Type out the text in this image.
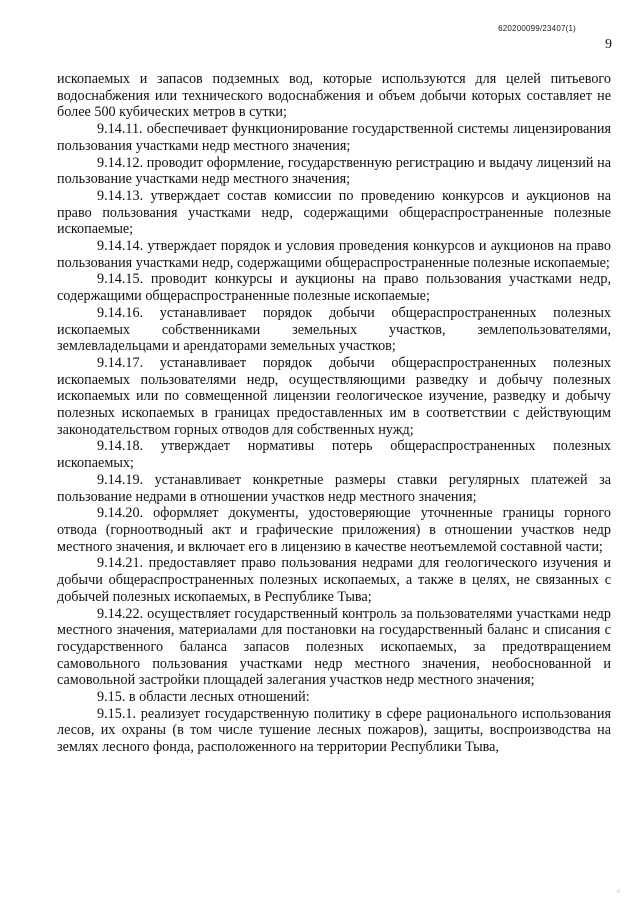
620200099/23407(1)
9

ископаемых и запасов подземных вод, которые используются для целей питьевого водоснабжения или технического водоснабжения и объем добычи которых составляет не более 500 кубических метров в сутки;

9.14.11. обеспечивает функционирование государственной системы лицензирования пользования участками недр местного значения;

9.14.12. проводит оформление, государственную регистрацию и выдачу лицензий на пользование участками недр местного значения;

9.14.13. утверждает состав комиссии по проведению конкурсов и аукционов на право пользования участками недр, содержащими общераспространенные полезные ископаемые;

9.14.14. утверждает порядок и условия проведения конкурсов и аукционов на право пользования участками недр, содержащими общераспространенные полезные ископаемые;

9.14.15. проводит конкурсы и аукционы на право пользования участками недр, содержащими общераспространенные полезные ископаемые;

9.14.16. устанавливает порядок добычи общераспространенных полезных ископаемых собственниками земельных участков, землепользователями, землевладельцами и арендаторами земельных участков;

9.14.17. устанавливает порядок добычи общераспространенных полезных ископаемых пользователями недр, осуществляющими разведку и добычу полезных ископаемых или по совмещенной лицензии геологическое изучение, разведку и добычу полезных ископаемых в границах предоставленных им в соответствии с действующим законодательством горных отводов для собственных нужд;

9.14.18. утверждает нормативы потерь общераспространенных полезных ископаемых;

9.14.19. устанавливает конкретные размеры ставки регулярных платежей за пользование недрами в отношении участков недр местного значения;

9.14.20. оформляет документы, удостоверяющие уточненные границы горного отвода (горноотводный акт и графические приложения) в отношении участков недр местного значения, и включает его в лицензию в качестве неотъемлемой составной части;

9.14.21. предоставляет право пользования недрами для геологического изучения и добычи общераспространенных полезных ископаемых, а также в целях, не связанных с добычей полезных ископаемых, в Республике Тыва;

9.14.22. осуществляет государственный контроль за пользователями участками недр местного значения, материалами для постановки на государственный баланс и списания с государственного баланса запасов полезных ископаемых, за предотвращением самовольного пользования участками недр местного значения, необоснованной и самовольной застройки площадей залегания участков недр местного значения;

9.15. в области лесных отношений:

9.15.1. реализует государственную политику в сфере рационального использования лесов, их охраны (в том числе тушение лесных пожаров), защиты, воспроизводства на землях лесного фонда, расположенного на территории Республики Тыва,

〃
